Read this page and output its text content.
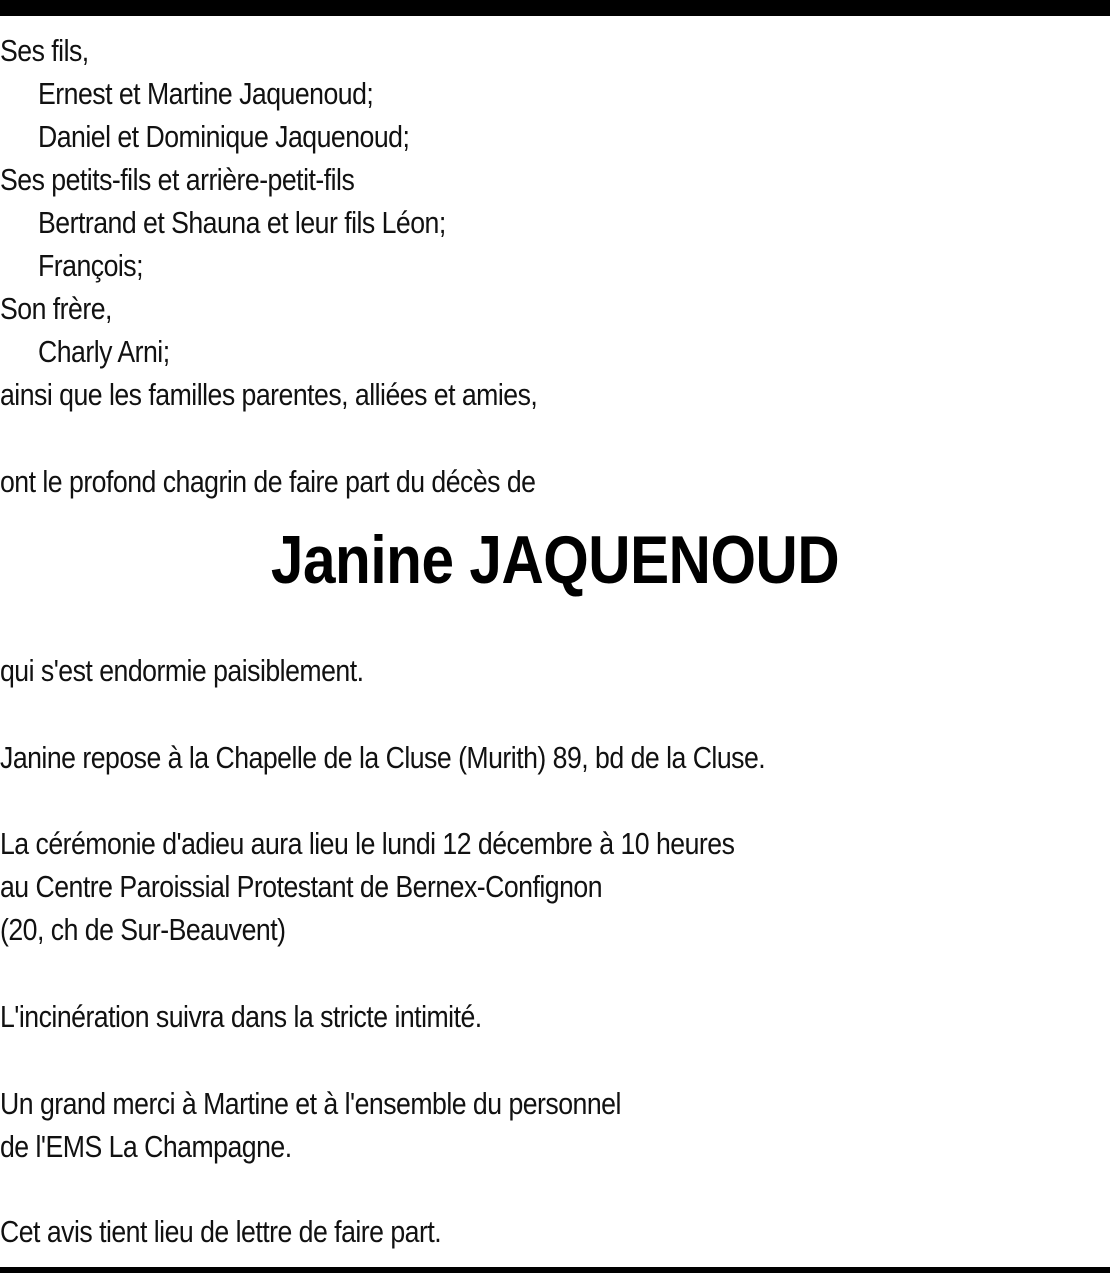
Ses fils,
Ernest et Martine Jaquenoud;
Daniel et Dominique Jaquenoud;
Ses petits-fils et arrière-petit-fils
Bertrand et Shauna et leur fils Léon;
François;
Son frère,
Charly Arni;
ainsi que les familles parentes, alliées et amies,
ont le profond chagrin de faire part du décès de
Janine JAQUENOUD
qui s'est endormie paisiblement.
Janine repose à la Chapelle de la Cluse (Murith) 89, bd de la Cluse.
La cérémonie d'adieu aura lieu le lundi 12 décembre à 10 heures
au Centre Paroissial Protestant de Bernex-Confignon
(20, ch de Sur-Beauvent)
L'incinération suivra dans la stricte intimité.
Un grand merci à Martine et à l'ensemble du personnel
de l'EMS La Champagne.
Cet avis tient lieu de lettre de faire part.
